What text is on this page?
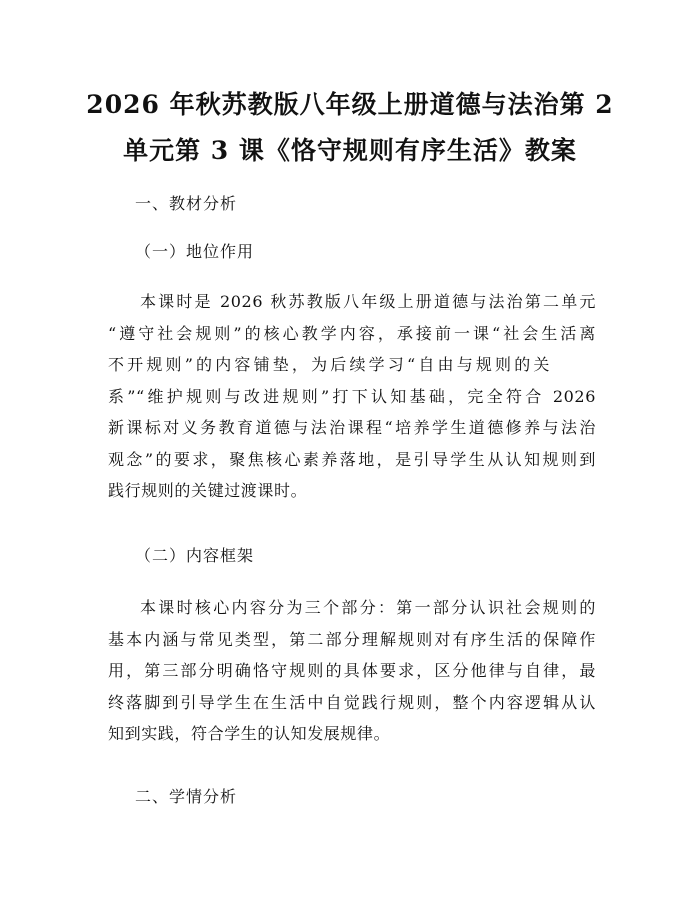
2026 年秋苏教版八年级上册道德与法治第 2
单元第 3 课《恪守规则有序生活》教案
一、教材分析
（一）地位作用
本课时是 2026 秋苏教版八年级上册道德与法治第二单元
“遵守社会规则”的核心教学内容，承接前一课“社会生活离
不开规则”的内容铺垫，为后续学习“自由与规则的关
系”“维护规则与改进规则”打下认知基础，完全符合 2026
新课标对义务教育道德与法治课程“培养学生道德修养与法治
观念”的要求，聚焦核心素养落地，是引导学生从认知规则到
践行规则的关键过渡课时。
（二）内容框架
本课时核心内容分为三个部分：第一部分认识社会规则的
基本内涵与常见类型，第二部分理解规则对有序生活的保障作
用，第三部分明确恪守规则的具体要求，区分他律与自律，最
终落脚到引导学生在生活中自觉践行规则，整个内容逻辑从认
知到实践，符合学生的认知发展规律。
二、学情分析
